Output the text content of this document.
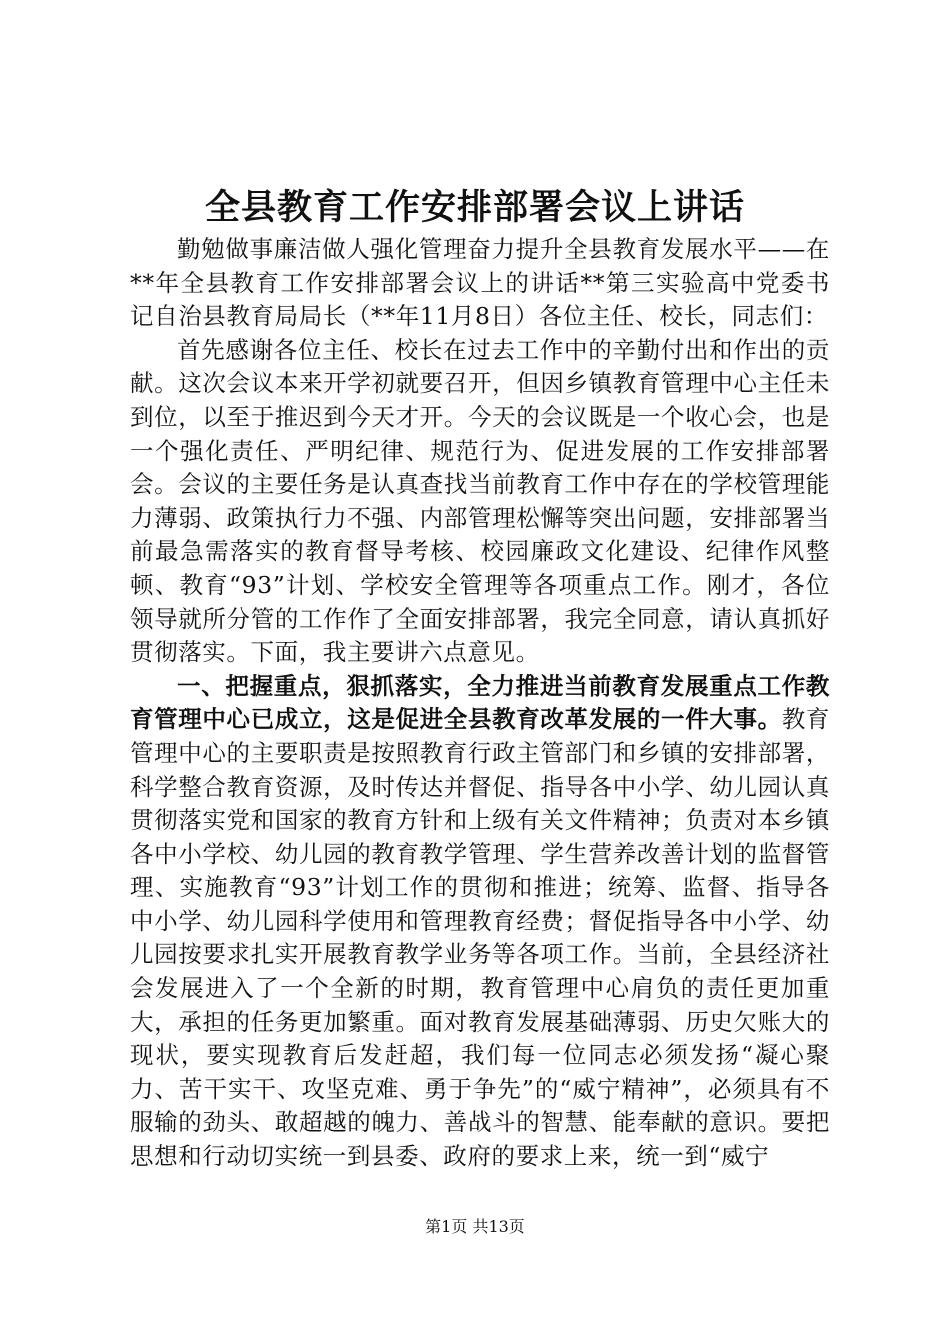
全县教育工作安排部署会议上讲话

勤勉做事廉洁做人强化管理奋力提升全县教育发展水平——在**年全县教育工作安排部署会议上的讲话**第三实验高中党委书记自治县教育局局长（**年11月8日）各位主任、校长，同志们：

首先感谢各位主任、校长在过去工作中的辛勤付出和作出的贡献。这次会议本来开学初就要召开，但因乡镇教育管理中心主任未到位，以至于推迟到今天才开。今天的会议既是一个收心会，也是一个强化责任、严明纪律、规范行为、促进发展的工作安排部署会。会议的主要任务是认真查找当前教育工作中存在的学校管理能力薄弱、政策执行力不强、内部管理松懈等突出问题，安排部署当前最急需落实的教育督导考核、校园廉政文化建设、纪律作风整顿、教育“93”计划、学校安全管理等各项重点工作。刚才，各位领导就所分管的工作作了全面安排部署，我完全同意，请认真抓好贯彻落实。下面，我主要讲六点意见。

一、把握重点，狠抓落实，全力推进当前教育发展重点工作教育管理中心已成立，这是促进全县教育改革发展的一件大事。教育管理中心的主要职责是按照教育行政主管部门和乡镇的安排部署，科学整合教育资源，及时传达并督促、指导各中小学、幼儿园认真贯彻落实党和国家的教育方针和上级有关文件精神；负责对本乡镇各中小学校、幼儿园的教育教学管理、学生营养改善计划的监督管理、实施教育“93”计划工作的贯彻和推进；统筹、监督、指导各中小学、幼儿园科学使用和管理教育经费；督促指导各中小学、幼儿园按要求扎实开展教育教学业务等各项工作。当前，全县经济社会发展进入了一个全新的时期，教育管理中心肩负的责任更加重大，承担的任务更加繁重。面对教育发展基础薄弱、历史欠账大的现状，要实现教育后发赶超，我们每一位同志必须发扬“凝心聚力、苦干实干、攻坚克难、勇于争先”的“威宁精神”，必须具有不服输的劲头、敢超越的魄力、善战斗的智慧、能奉献的意识。要把思想和行动切实统一到县委、政府的要求上来，统一到“威宁

第1页 共13页
